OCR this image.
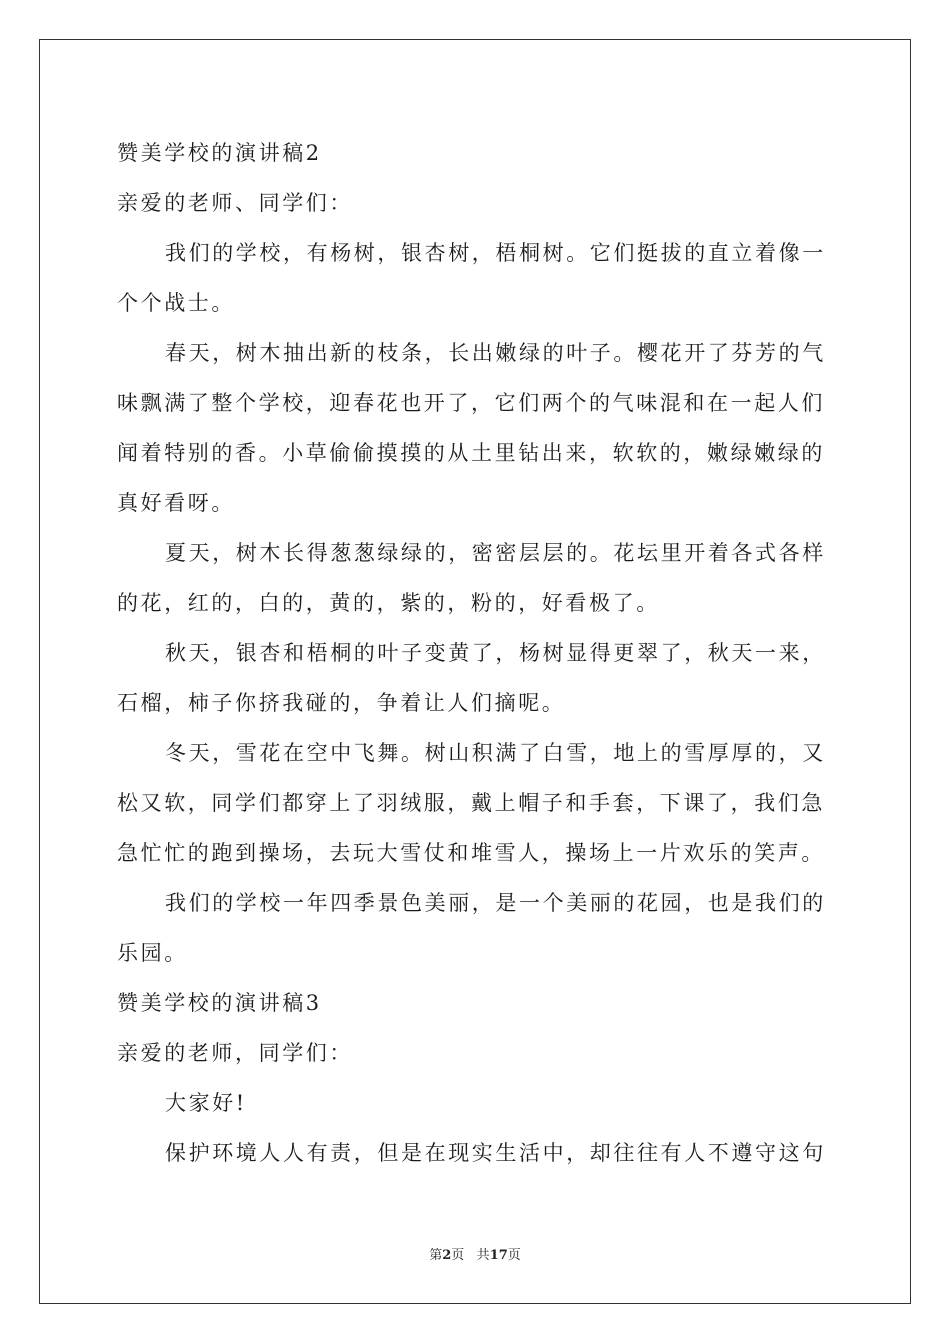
赞美学校的演讲稿2
亲爱的老师、同学们：
我们的学校，有杨树，银杏树，梧桐树。它们挺拔的直立着像一
个个战士。
春天，树木抽出新的枝条，长出嫩绿的叶子。樱花开了芬芳的气
味飘满了整个学校，迎春花也开了，它们两个的气味混和在一起人们
闻着特别的香。小草偷偷摸摸的从土里钻出来，软软的，嫩绿嫩绿的
真好看呀。
夏天，树木长得葱葱绿绿的，密密层层的。花坛里开着各式各样
的花，红的，白的，黄的，紫的，粉的，好看极了。
秋天，银杏和梧桐的叶子变黄了，杨树显得更翠了，秋天一来，
石榴，柿子你挤我碰的，争着让人们摘呢。
冬天，雪花在空中飞舞。树山积满了白雪，地上的雪厚厚的，又
松又软，同学们都穿上了羽绒服，戴上帽子和手套，下课了，我们急
急忙忙的跑到操场，去玩大雪仗和堆雪人，操场上一片欢乐的笑声。
我们的学校一年四季景色美丽，是一个美丽的花园，也是我们的
乐园。
赞美学校的演讲稿3
亲爱的老师，同学们：
大家好!
保护环境人人有责，但是在现实生活中，却往往有人不遵守这句
第2页 共17页
